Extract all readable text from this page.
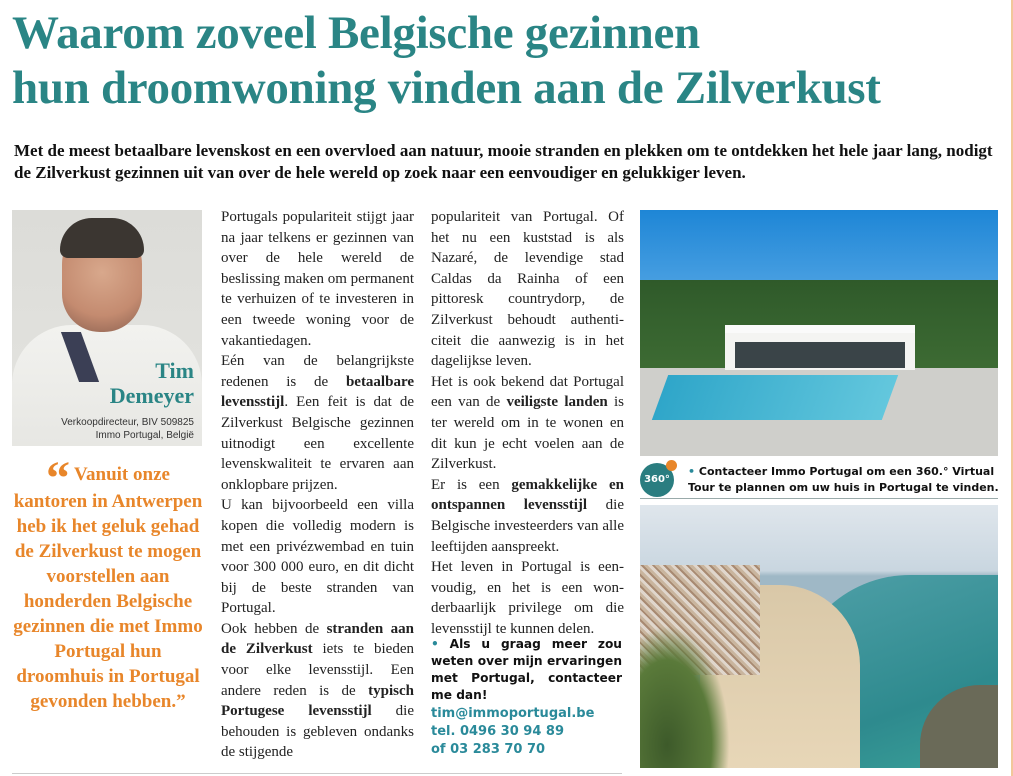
Waarom zoveel Belgische gezinnen
hun droomwoning vinden aan de Zilverkust

Met de meest betaalbare levenskost en een overvloed aan natuur, mooie stranden en plekken om te ontdekken het hele jaar lang, nodigt de Zilverkust gezinnen uit van over de hele wereld op zoek naar een eenvoudiger en gelukkiger leven.

Tim
Demeyer
Verkoopdirecteur, BIV 509825
Immo Portugal, België
“ Vanuit onze kantoren in Antwerpen heb ik het geluk gehad de Zilverkust te mogen voorstellen aan honderden Belgische gezinnen die met Immo Portugal hun droomhuis in Portugal gevonden hebben.”

Portugals populariteit stijgt jaar na jaar telkens er gezinnen van over de hele wereld de beslissing maken om permanent te verhuizen of te investeren in een tweede woning voor de vakantiedagen.

Eén van de belangrijkste redenen is de betaalbare levensstijl. Een feit is dat de Zilverkust Belgische gezinnen uitnodigt een excellente levenskwaliteit te ervaren aan onklopbare prijzen.

U kan bijvoorbeeld een villa kopen die volledig modern is met een privézwembad en tuin voor 300 000 euro, en dit dicht bij de beste stranden van Portugal.

Ook hebben de stranden aan de Zilverkust iets te bieden voor elke levensstijl. Een andere reden is de typisch Portugese levensstijl die behouden is gebleven ondanks de stijgende

populariteit van Portugal. Of het nu een kuststad is als Nazaré, de levendige stad Caldas da Rainha of een pittoresk countrydorp, de Zilverkust behoudt authenticiteit die aanwezig is in het dagelijkse leven.

Het is ook bekend dat Portugal een van de veiligste landen is ter wereld om in te wonen en dit kun je echt voelen aan de Zilverkust.

Er is een gemakkelijke en ontspannen levensstijl die Belgische investeerders van alle leeftijden aanspreekt.

Het leven in Portugal is eenvoudig, en het is een wonderbaarlijk privilege om die levensstijl te kunnen delen.

• Als u graag meer zou weten over mijn ervaringen met Portugal, contacteer me dan!
tim@immoportugal.be
tel. 0496 30 94 89
of 03 283 70 70
360°
• Contacteer Immo Portugal om een 360.° Virtual Tour te plannen om uw huis in Portugal te vinden.
